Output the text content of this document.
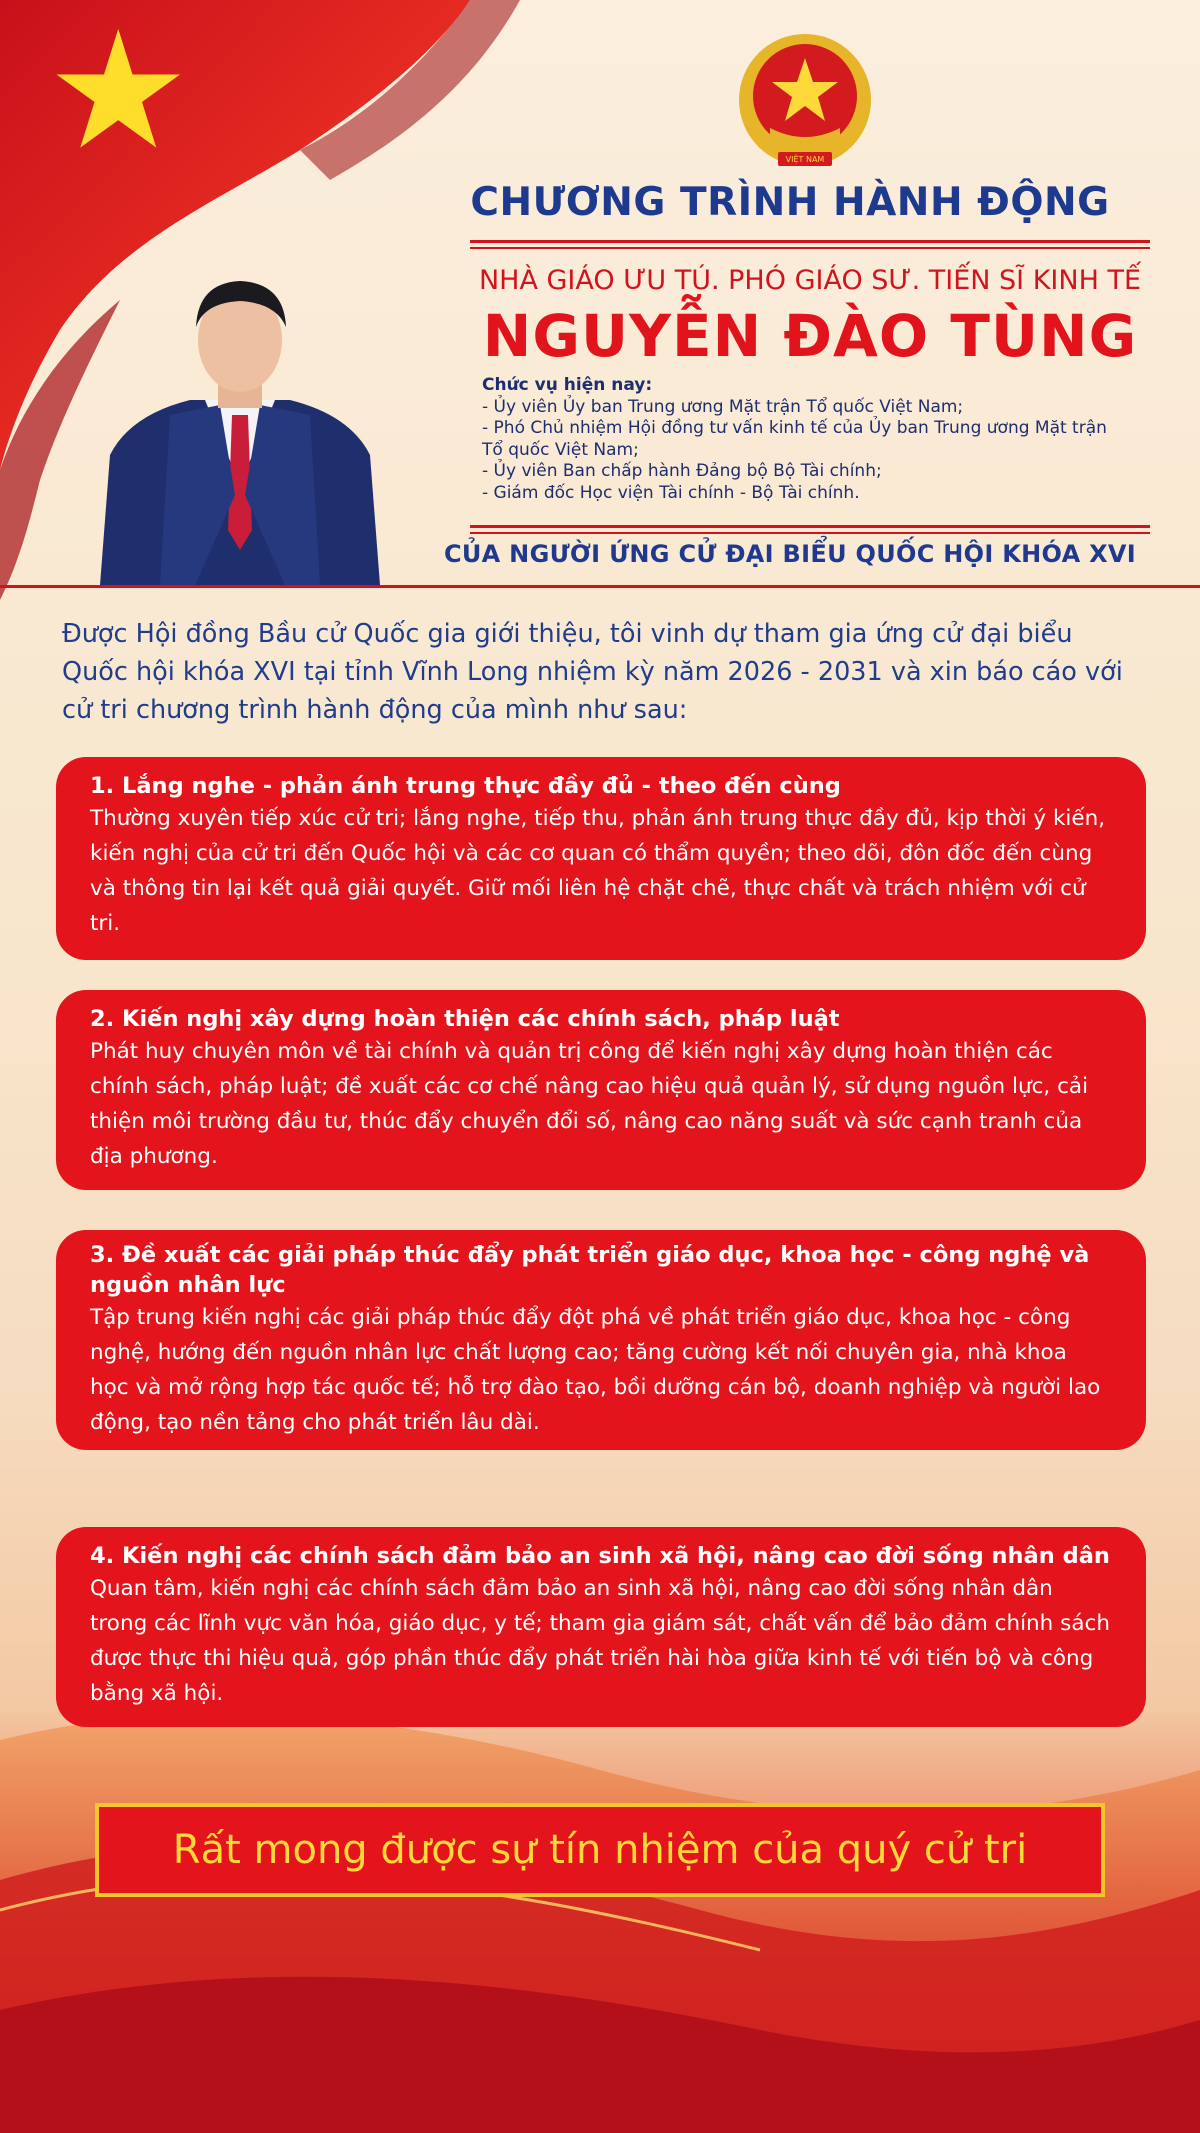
VIỆT NAM
CHƯƠNG TRÌNH HÀNH ĐỘNG
NHÀ GIÁO ƯU TÚ. PHÓ GIÁO SƯ. TIẾN SĨ KINH TẾ
NGUYỄN ĐÀO TÙNG
Chức vụ hiện nay:
- Ủy viên Ủy ban Trung ương Mặt trận Tổ quốc Việt Nam;
- Phó Chủ nhiệm Hội đồng tư vấn kinh tế của Ủy ban Trung ương Mặt trận Tổ quốc Việt Nam;
- Ủy viên Ban chấp hành Đảng bộ Bộ Tài chính;
- Giám đốc Học viện Tài chính - Bộ Tài chính.
CỦA NGƯỜI ỨNG CỬ ĐẠI BIỂU QUỐC HỘI KHÓA XVI
Được Hội đồng Bầu cử Quốc gia giới thiệu, tôi vinh dự tham gia ứng cử đại biểu Quốc hội khóa XVI tại tỉnh Vĩnh Long nhiệm kỳ năm 2026 - 2031 và xin báo cáo với cử tri chương trình hành động của mình như sau:
1. Lắng nghe - phản ánh trung thực đầy đủ - theo đến cùng
Thường xuyên tiếp xúc cử tri; lắng nghe, tiếp thu, phản ánh trung thực đầy đủ, kịp thời ý kiến, kiến nghị của cử tri đến Quốc hội và các cơ quan có thẩm quyền; theo dõi, đôn đốc đến cùng và thông tin lại kết quả giải quyết. Giữ mối liên hệ chặt chẽ, thực chất và trách nhiệm với cử tri.
2. Kiến nghị xây dựng hoàn thiện các chính sách, pháp luật
Phát huy chuyên môn về tài chính và quản trị công để kiến nghị xây dựng hoàn thiện các chính sách, pháp luật; đề xuất các cơ chế nâng cao hiệu quả quản lý, sử dụng nguồn lực, cải thiện môi trường đầu tư, thúc đẩy chuyển đổi số, nâng cao năng suất và sức cạnh tranh của địa phương.
3. Đề xuất các giải pháp thúc đẩy phát triển giáo dục, khoa học - công nghệ và nguồn nhân lực
Tập trung kiến nghị các giải pháp thúc đẩy đột phá về phát triển giáo dục, khoa học - công nghệ, hướng đến nguồn nhân lực chất lượng cao; tăng cường kết nối chuyên gia, nhà khoa học và mở rộng hợp tác quốc tế; hỗ trợ đào tạo, bồi dưỡng cán bộ, doanh nghiệp và người lao động, tạo nền tảng cho phát triển lâu dài.
4. Kiến nghị các chính sách đảm bảo an sinh xã hội, nâng cao đời sống nhân dân
Quan tâm, kiến nghị các chính sách đảm bảo an sinh xã hội, nâng cao đời sống nhân dân trong các lĩnh vực văn hóa, giáo dục, y tế; tham gia giám sát, chất vấn để bảo đảm chính sách được thực thi hiệu quả, góp phần thúc đẩy phát triển hài hòa giữa kinh tế với tiến bộ và công bằng xã hội.
Rất mong được sự tín nhiệm của quý cử tri
